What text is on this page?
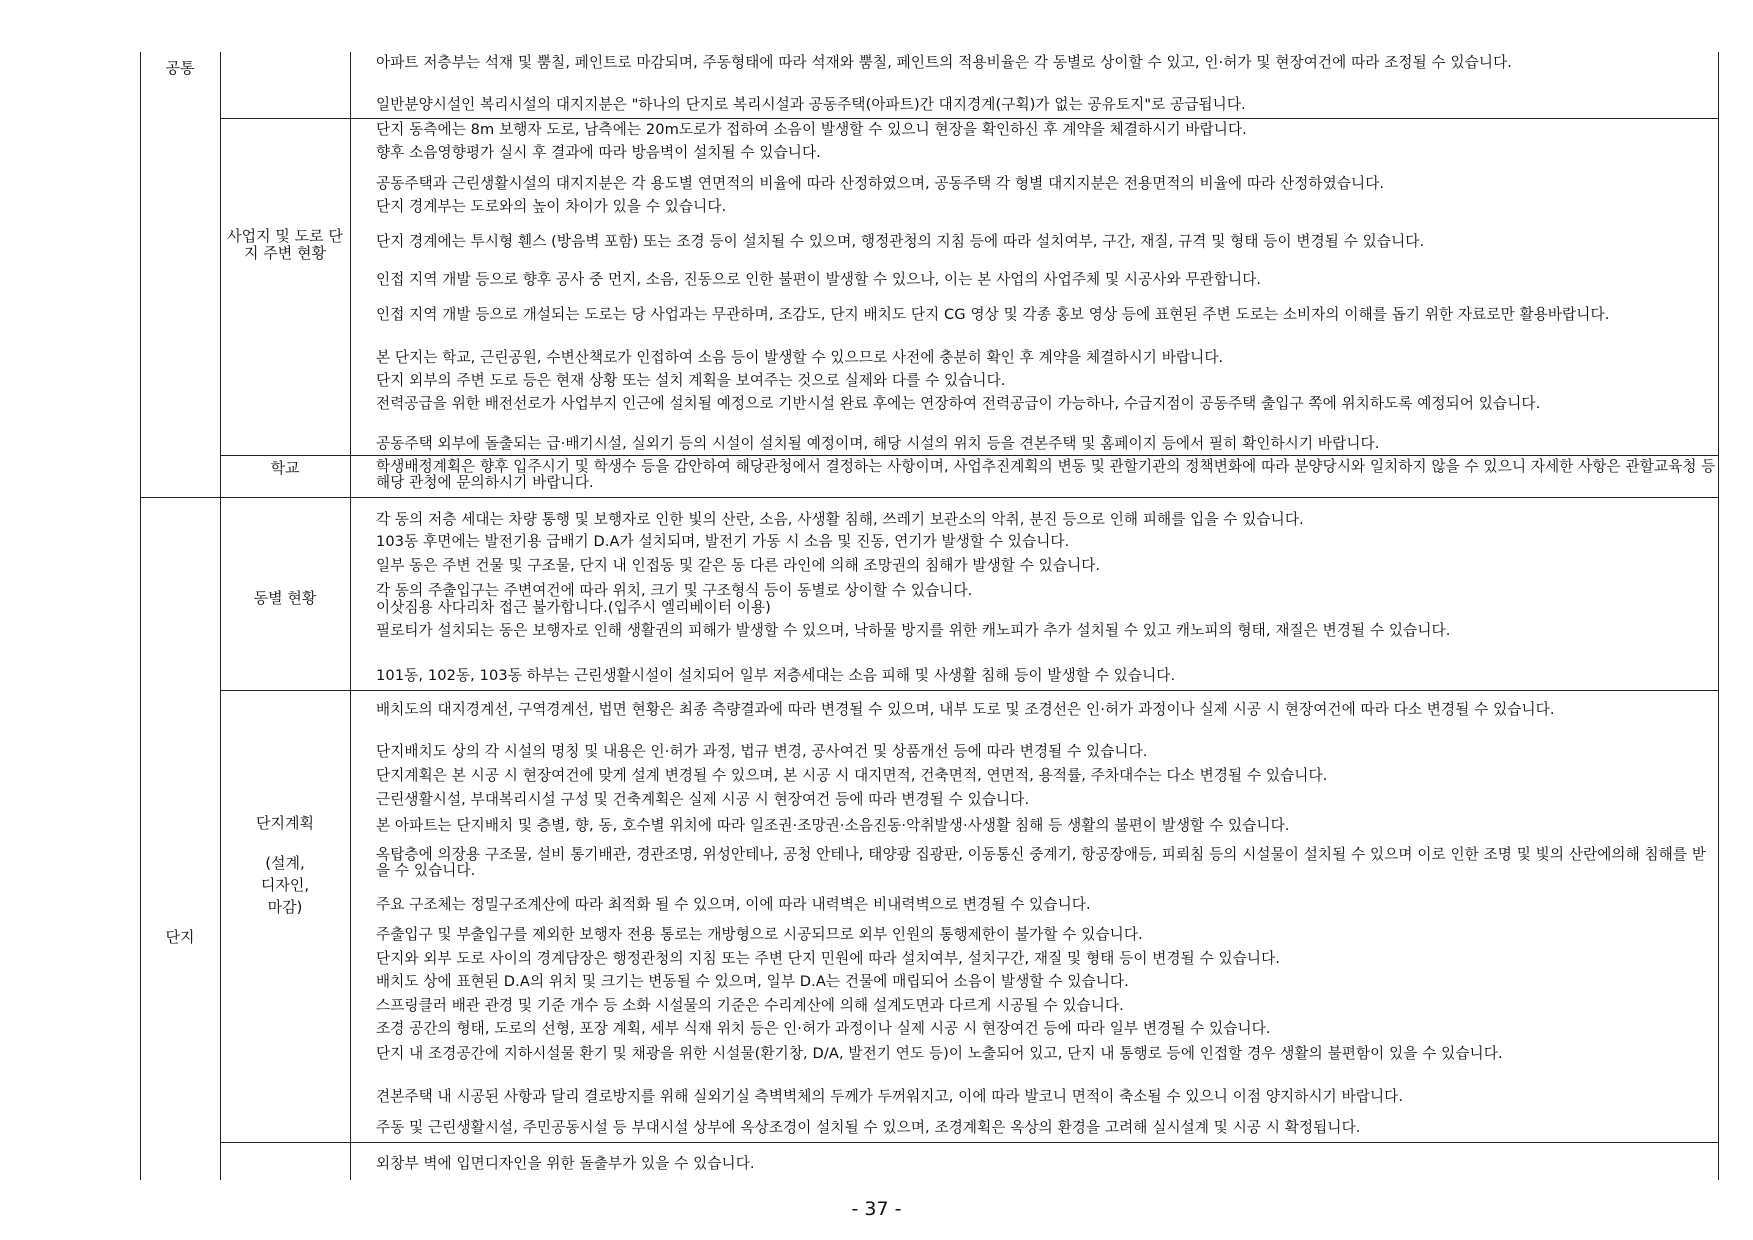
공통
단지
사업지 및 도로 단지 주변 현황
학교
동별 현황
단지계획
(설계,
디자인,
마감)
아파트 저층부는 석재 및 뿜칠, 페인트로 마감되며, 주동형태에 따라 석재와 뿜칠, 페인트의 적용비율은 각 동별로 상이할 수 있고, 인·허가 및 현장여건에 따라 조정될 수 있습니다.
일반분양시설인 복리시설의 대지지분은 "하나의 단지로 복리시설과 공동주택(아파트)간 대지경계(구획)가 없는 공유토지"로 공급됩니다.
단지 동측에는 8m 보행자 도로, 남측에는 20m도로가 접하여 소음이 발생할 수 있으니 현장을 확인하신 후 계약을 체결하시기 바랍니다.
향후 소음영향평가 실시 후 결과에 따라 방음벽이 설치될 수 있습니다.
공동주택과 근린생활시설의 대지지분은 각 용도별 연면적의 비율에 따라 산정하였으며, 공동주택 각 형별 대지지분은 전용면적의 비율에 따라 산정하였습니다.
단지 경계부는 도로와의 높이 차이가 있을 수 있습니다.
단지 경계에는 투시형 휀스 (방음벽 포함) 또는 조경 등이 설치될 수 있으며, 행정관청의 지침 등에 따라 설치여부, 구간, 재질, 규격 및 형태 등이 변경될 수 있습니다.
인접 지역 개발 등으로 향후 공사 중 먼지, 소음, 진동으로 인한 불편이 발생할 수 있으나, 이는 본 사업의 사업주체 및 시공사와 무관합니다.
인접 지역 개발 등으로 개설되는 도로는 당 사업과는 무관하며, 조감도, 단지 배치도 단지 CG 영상 및 각종 홍보 영상 등에 표현된 주변 도로는 소비자의 이해를 돕기 위한 자료로만 활용바랍니다.
본 단지는 학교, 근린공원, 수변산책로가 인접하여 소음 등이 발생할 수 있으므로 사전에 충분히 확인 후 계약을 체결하시기 바랍니다.
단지 외부의 주변 도로 등은 현재 상황 또는 설치 계획을 보여주는 것으로 실제와 다를 수 있습니다.
전력공급을 위한 배전선로가 사업부지 인근에 설치될 예정으로 기반시설 완료 후에는 연장하여 전력공급이 가능하나, 수급지점이 공동주택 출입구 쪽에 위치하도록 예정되어 있습니다.
공동주택 외부에 돌출되는 급·배기시설, 실외기 등의 시설이 설치될 예정이며, 해당 시설의 위치 등을 견본주택 및 홈페이지 등에서 필히 확인하시기 바랍니다.
학생배정계획은 향후 입주시기 및 학생수 등을 감안하여 해당관청에서 결정하는 사항이며, 사업추진계획의 변동 및 관할기관의 정책변화에 따라 분양당시와 일치하지 않을 수 있으니 자세한 사항은 관할교육청 등 해당 관청에 문의하시기 바랍니다.
각 동의 저층 세대는 차량 통행 및 보행자로 인한 빛의 산란, 소음, 사생활 침해, 쓰레기 보관소의 악취, 분진 등으로 인해 피해를 입을 수 있습니다.
103동 후면에는 발전기용 급배기 D.A가 설치되며, 발전기 가동 시 소음 및 진동, 연기가 발생할 수 있습니다.
일부 동은 주변 건물 및 구조물, 단지 내 인접동 및 같은 동 다른 라인에 의해 조망권의 침해가 발생할 수 있습니다.
각 동의 주출입구는 주변여건에 따라 위치, 크기 및 구조형식 등이 동별로 상이할 수 있습니다.
이삿짐용 사다리차 접근 불가합니다.(입주시 엘리베이터 이용)
필로티가 설치되는 동은 보행자로 인해 생활권의 피해가 발생할 수 있으며, 낙하물 방지를 위한 캐노피가 추가 설치될 수 있고 캐노피의 형태, 재질은 변경될 수 있습니다.
101동, 102동, 103동 하부는 근린생활시설이 설치되어 일부 저층세대는 소음 피해 및 사생활 침해 등이 발생할 수 있습니다.
배치도의 대지경계선, 구역경계선, 법면 현황은 최종 측량결과에 따라 변경될 수 있으며, 내부 도로 및 조경선은 인·허가 과정이나 실제 시공 시 현장여건에 따라 다소 변경될 수 있습니다.
단지배치도 상의 각 시설의 명칭 및 내용은 인·허가 과정, 법규 변경, 공사여건 및 상품개선 등에 따라 변경될 수 있습니다.
단지계획은 본 시공 시 현장여건에 맞게 설계 변경될 수 있으며, 본 시공 시 대지면적, 건축면적, 연면적, 용적률, 주차대수는 다소 변경될 수 있습니다.
근린생활시설, 부대복리시설 구성 및 건축계획은 실제 시공 시 현장여건 등에 따라 변경될 수 있습니다.
본 아파트는 단지배치 및 층별, 향, 동, 호수별 위치에 따라 일조권·조망권·소음진동·악취발생·사생활 침해 등 생활의 불편이 발생할 수 있습니다.
옥탑층에 의장용 구조물, 설비 통기배관, 경관조명, 위성안테나, 공청 안테나, 태양광 집광판, 이동통신 중계기, 항공장애등, 피뢰침 등의 시설물이 설치될 수 있으며 이로 인한 조명 및 빛의 산란에의해 침해를 받을 수 있습니다.
주요 구조체는 정밀구조계산에 따라 최적화 될 수 있으며, 이에 따라 내력벽은 비내력벽으로 변경될 수 있습니다.
주출입구 및 부출입구를 제외한 보행자 전용 통로는 개방형으로 시공되므로 외부 인원의 통행제한이 불가할 수 있습니다.
단지와 외부 도로 사이의 경계담장은 행정관청의 지침 또는 주변 단지 민원에 따라 설치여부, 설치구간, 재질 및 형태 등이 변경될 수 있습니다.
배치도 상에 표현된 D.A의 위치 및 크기는 변동될 수 있으며, 일부 D.A는 건물에 매립되어 소음이 발생할 수 있습니다.
스프링클러 배관 관경 및 기준 개수 등 소화 시설물의 기준은 수리계산에 의해 설계도면과 다르게 시공될 수 있습니다.
조경 공간의 형태, 도로의 선형, 포장 계획, 세부 식재 위치 등은 인·허가 과정이나 실제 시공 시 현장여건 등에 따라 일부 변경될 수 있습니다.
단지 내 조경공간에 지하시설물 환기 및 채광을 위한 시설물(환기창, D/A, 발전기 연도 등)이 노출되어 있고, 단지 내 통행로 등에 인접할 경우 생활의 불편함이 있을 수 있습니다.
견본주택 내 시공된 사항과 달리 결로방지를 위해 실외기실 측벽벽체의 두께가 두꺼워지고, 이에 따라 발코니 면적이 축소될 수 있으니 이점 양지하시기 바랍니다.
주동 및 근린생활시설, 주민공동시설 등 부대시설 상부에 옥상조경이 설치될 수 있으며, 조경계획은 옥상의 환경을 고려해 실시설계 및 시공 시 확정됩니다.
외창부 벽에 입면디자인을 위한 돌출부가 있을 수 있습니다.
- 37 -
